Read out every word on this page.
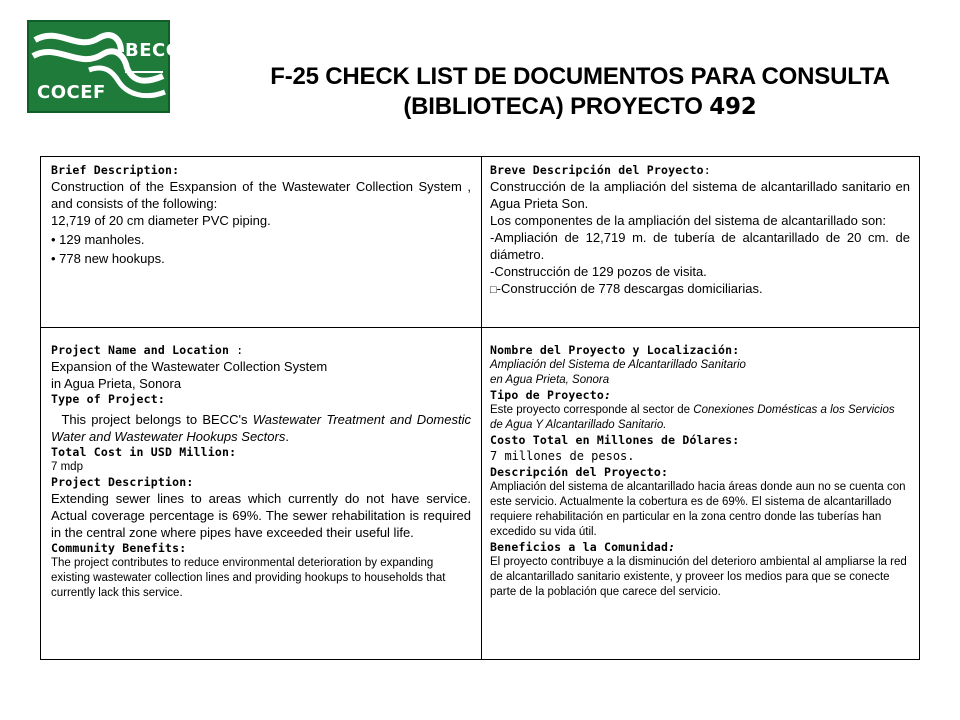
BECC
COCEF
F-25 CHECK LIST DE DOCUMENTOS PARA CONSULTA
(BIBLIOTECA) PROYECTO 492
Brief Description:
Construction of the Esxpansion of the Wastewater Collection System , and consists of the following:
12,719 of 20 cm diameter PVC piping.
• 129 manholes.
• 778 new hookups.
Breve Descripción del Proyecto:
Construcción de la ampliación del sistema de alcantarillado sanitario en Agua Prieta Son.
Los componentes de la ampliación del sistema de alcantarillado son:
-Ampliación de 12,719 m. de tubería de alcantarillado de 20 cm. de diámetro.
-Construcción de 129 pozos de visita.
□-Construcción de 778 descargas domiciliarias.
Project Name and Location :
Expansion of the Wastewater Collection System
in Agua Prieta, Sonora
Type of Project:
This project belongs to BECC's Wastewater Treatment and Domestic Water and Wastewater Hookups Sectors.
Total Cost in USD Million:
7 mdp
Project Description:
Extending sewer lines to areas which currently do not have service. Actual coverage percentage is 69%. The sewer rehabilitation is required in the central zone where pipes have exceeded their useful life.
Community Benefits:
The project contributes to reduce environmental deterioration by expanding existing wastewater collection lines and providing hookups to households that currently lack this service.
Nombre del Proyecto y Localización:
Ampliación del Sistema de Alcantarillado Sanitario
en Agua Prieta, Sonora
Tipo de Proyecto:
Este proyecto corresponde al sector de Conexiones Domésticas a los Servicios de Agua Y Alcantarillado Sanitario.
Costo Total en Millones de Dólares:
7 millones de pesos.
Descripción del Proyecto:
Ampliación del sistema de alcantarillado hacia áreas donde aun no se cuenta con este servicio. Actualmente la cobertura es de 69%. El sistema de alcantarillado requiere rehabilitación en particular en la zona centro donde las tuberías han excedido su vida útil.
Beneficios a la Comunidad:
El proyecto contribuye a la disminución del deterioro ambiental al ampliarse la red de alcantarillado sanitario existente, y proveer los medios para que se conecte parte de la población que carece del servicio.
